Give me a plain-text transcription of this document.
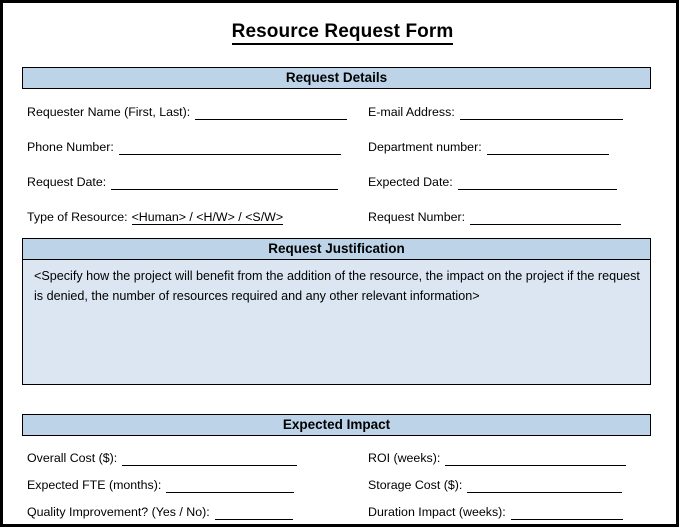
Resource Request Form
Request Details
Requester Name (First, Last):
Phone Number:
Request Date:
Type of Resource: <Human> / <H/W> / <S/W>
E-mail Address:
Department number:
Expected Date:
Request Number:
Request Justification
<Specify how the project will benefit from the addition of the resource, the impact on the project if the request is denied, the number of resources required and any other relevant information>
Expected Impact
Overall Cost ($):
Expected FTE (months):
Quality Improvement? (Yes / No):
ROI (weeks):
Storage Cost ($):
Duration Impact (weeks):
